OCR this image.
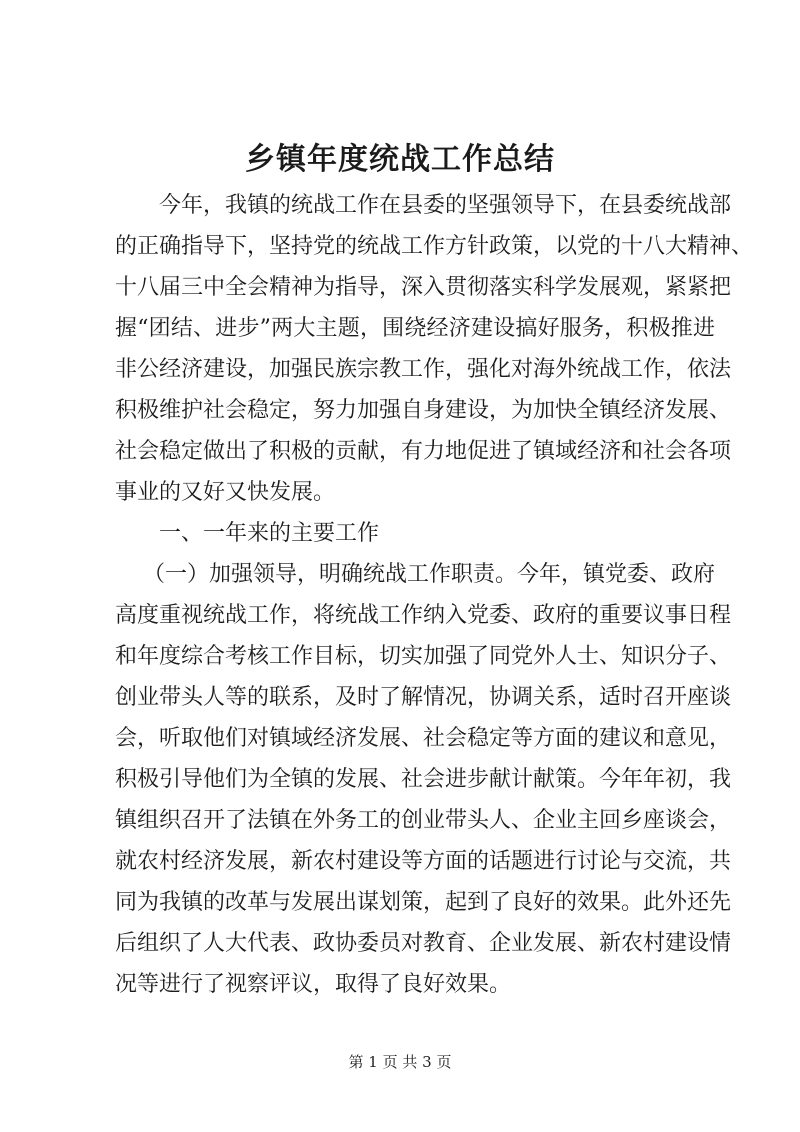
乡镇年度统战工作总结
今年，我镇的统战工作在县委的坚强领导下，在县委统战部
的正确指导下，坚持党的统战工作方针政策，以党的十八大精神、
十八届三中全会精神为指导，深入贯彻落实科学发展观，紧紧把
握“团结、进步”两大主题，围绕经济建设搞好服务，积极推进
非公经济建设，加强民族宗教工作，强化对海外统战工作，依法
积极维护社会稳定，努力加强自身建设，为加快全镇经济发展、
社会稳定做出了积极的贡献，有力地促进了镇域经济和社会各项
事业的又好又快发展。
一、一年来的主要工作
（一）加强领导，明确统战工作职责。今年，镇党委、政府
高度重视统战工作，将统战工作纳入党委、政府的重要议事日程
和年度综合考核工作目标，切实加强了同党外人士、知识分子、
创业带头人等的联系，及时了解情况，协调关系，适时召开座谈
会，听取他们对镇域经济发展、社会稳定等方面的建议和意见，
积极引导他们为全镇的发展、社会进步献计献策。今年年初，我
镇组织召开了法镇在外务工的创业带头人、企业主回乡座谈会，
就农村经济发展，新农村建设等方面的话题进行讨论与交流，共
同为我镇的改革与发展出谋划策，起到了良好的效果。此外还先
后组织了人大代表、政协委员对教育、企业发展、新农村建设情
况等进行了视察评议，取得了良好效果。
第 1 页 共 3 页
